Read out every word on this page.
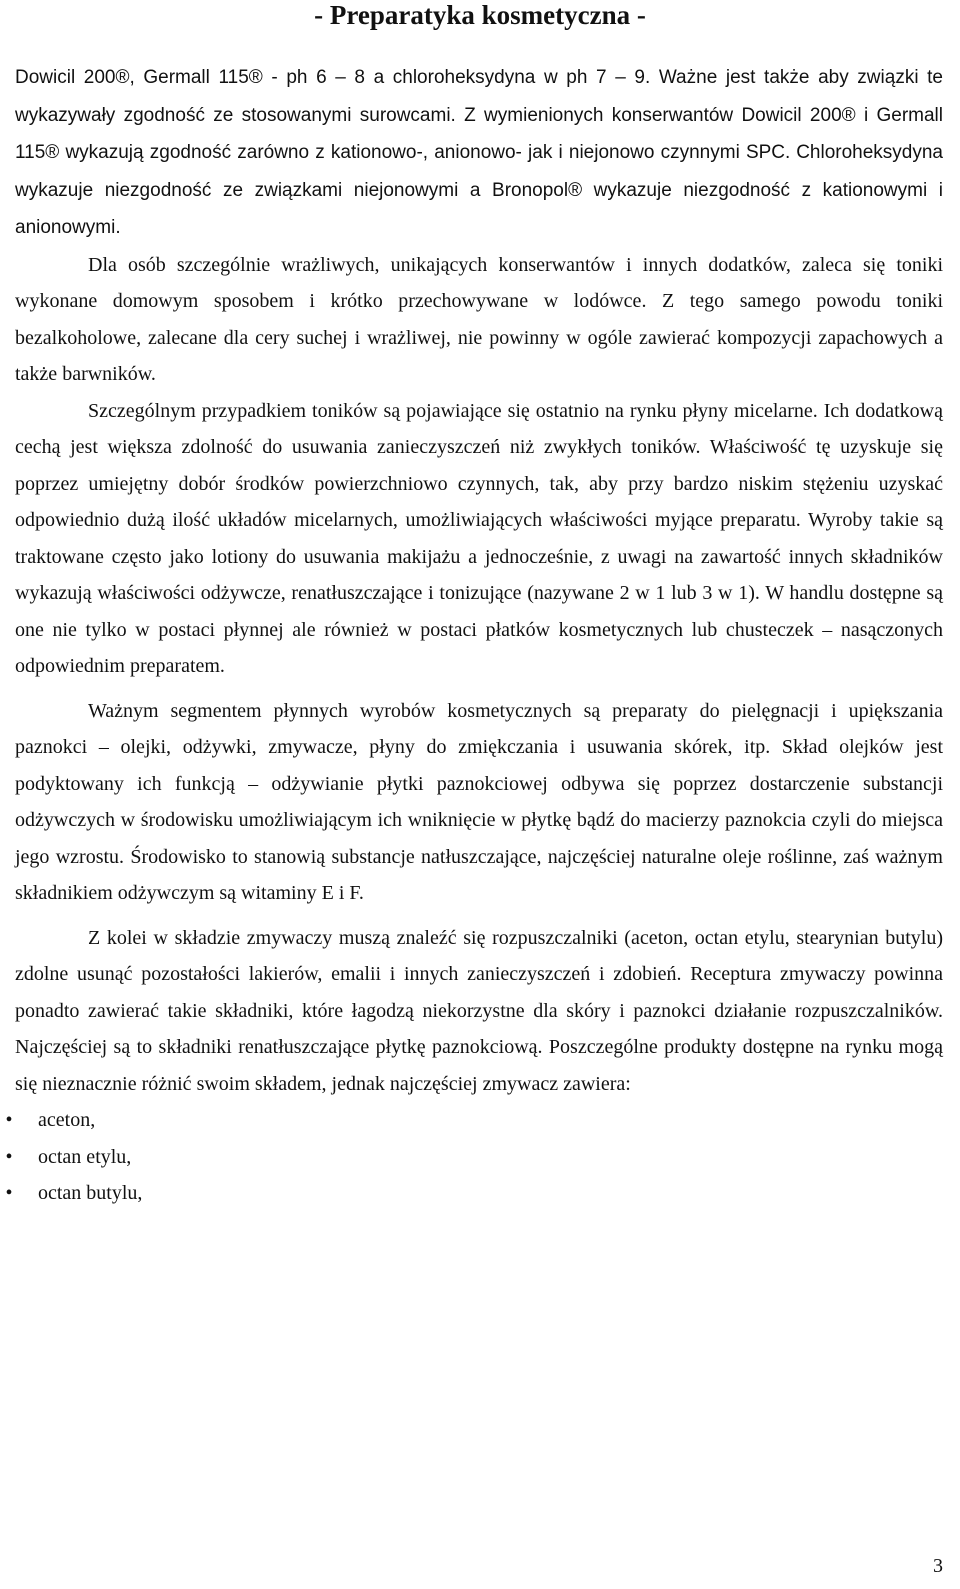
- Preparatyka kosmetyczna -

Dowicil 200®, Germall 115® - ph 6 – 8 a chloroheksydyna w ph 7 – 9. Ważne jest także aby związki te wykazywały zgodność ze stosowanymi surowcami. Z wymienionych konserwantów Dowicil 200® i Germall 115® wykazują zgodność zarówno z kationowo-, anionowo- jak i niejonowo czynnymi SPC. Chloroheksydyna wykazuje niezgodność ze związkami niejonowymi a Bronopol® wykazuje niezgodność z kationowymi i anionowymi.

Dla osób szczególnie wrażliwych, unikających konserwantów i innych dodatków, zaleca się toniki wykonane domowym sposobem i krótko przechowywane w lodówce. Z tego samego powodu toniki bezalkoholowe, zalecane dla cery suchej i wrażliwej, nie powinny w ogóle zawierać kompozycji zapachowych a także barwników.

Szczególnym przypadkiem toników są pojawiające się ostatnio na rynku płyny micelarne. Ich dodatkową cechą jest większa zdolność do usuwania zanieczyszczeń niż zwykłych toników. Właściwość tę uzyskuje się poprzez umiejętny dobór środków powierzchniowo czynnych, tak, aby przy bardzo niskim stężeniu uzyskać odpowiednio dużą ilość układów micelarnych, umożliwiających właściwości myjące preparatu. Wyroby takie są traktowane często jako lotiony do usuwania makijażu a jednocześnie, z uwagi na zawartość innych składników wykazują właściwości odżywcze, renatłuszczające i tonizujące (nazywane 2 w 1 lub 3 w 1). W handlu dostępne są one nie tylko w postaci płynnej ale również w postaci płatków kosmetycznych lub chusteczek – nasączonych odpowiednim preparatem.

Ważnym segmentem płynnych wyrobów kosmetycznych są preparaty do pielęgnacji i upiększania paznokci – olejki, odżywki, zmywacze, płyny do zmiękczania i usuwania skórek, itp. Skład olejków jest podyktowany ich funkcją – odżywianie płytki paznokciowej odbywa się poprzez dostarczenie substancji odżywczych w środowisku umożliwiającym ich wniknięcie w płytkę bądź do macierzy paznokcia czyli do miejsca jego wzrostu. Środowisko to stanowią substancje natłuszczające, najczęściej naturalne oleje roślinne, zaś ważnym składnikiem odżywczym są witaminy E i F.

Z kolei w składzie zmywaczy muszą znaleźć się rozpuszczalniki (aceton, octan etylu, stearynian butylu) zdolne usunąć pozostałości lakierów, emalii i innych zanieczyszczeń i zdobień. Receptura zmywaczy powinna ponadto zawierać takie składniki, które łagodzą niekorzystne dla skóry i paznokci działanie rozpuszczalników. Najczęściej są to składniki renatłuszczające płytkę paznokciową. Poszczególne produkty dostępne na rynku mogą się nieznacznie różnić swoim składem, jednak najczęściej zmywacz zawiera:

• aceton,
• octan etylu,
• octan butylu,
3
